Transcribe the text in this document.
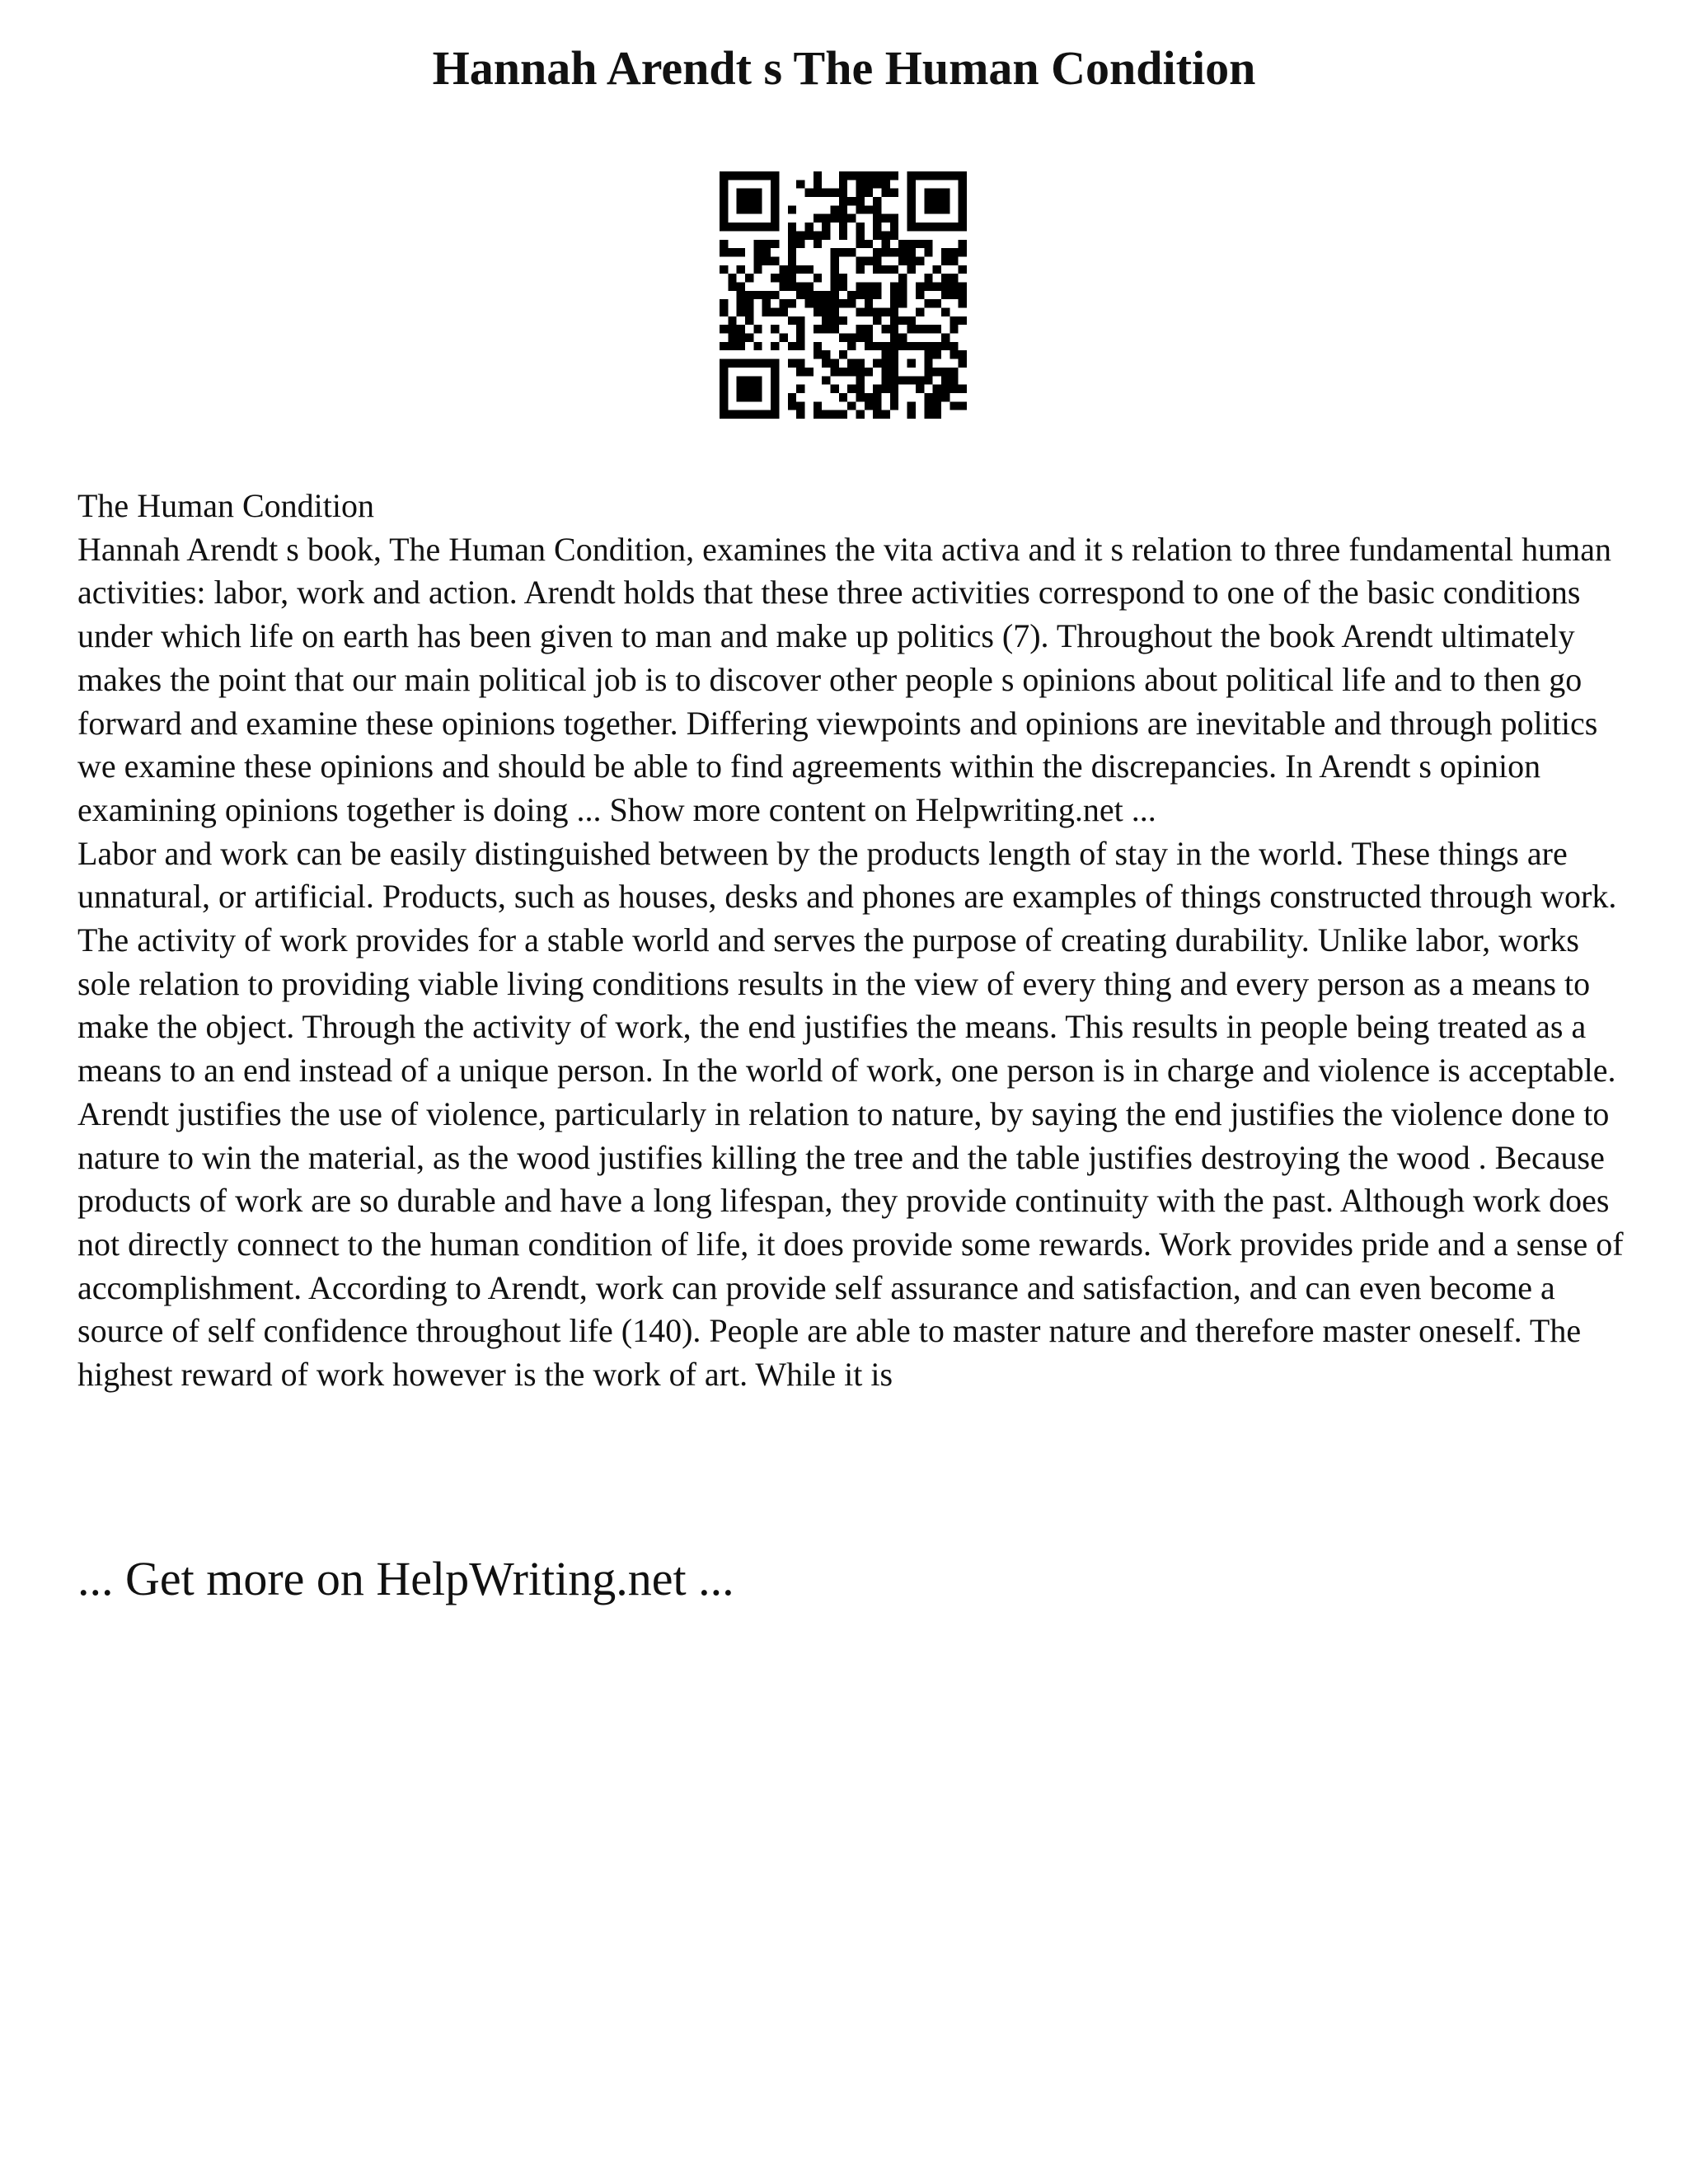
Hannah Arendt s The Human Condition

The Human Condition

Hannah Arendt s book, The Human Condition, examines the vita activa and it s relation to three fundamental human activities: labor, work and action. Arendt holds that these three activities correspond to one of the basic conditions under which life on earth has been given to man and make up politics (7). Throughout the book Arendt ultimately makes the point that our main political job is to discover other people s opinions about political life and to then go forward and examine these opinions together. Differing viewpoints and opinions are inevitable and through politics we examine these opinions and should be able to find agreements within the discrepancies. In Arendt s opinion examining opinions together is doing ... Show more content on Helpwriting.net ...

Labor and work can be easily distinguished between by the products length of stay in the world. These things are unnatural, or artificial. Products, such as houses, desks and phones are examples of things constructed through work. The activity of work provides for a stable world and serves the purpose of creating durability. Unlike labor, works sole relation to providing viable living conditions results in the view of every thing and every person as a means to make the object. Through the activity of work, the end justifies the means. This results in people being treated as a means to an end instead of a unique person. In the world of work, one person is in charge and violence is acceptable. Arendt justifies the use of violence, particularly in relation to nature, by saying the end justifies the violence done to nature to win the material, as the wood justifies killing the tree and the table justifies destroying the wood . Because products of work are so durable and have a long lifespan, they provide continuity with the past. Although work does not directly connect to the human condition of life, it does provide some rewards. Work provides pride and a sense of accomplishment. According to Arendt, work can provide self assurance and satisfaction, and can even become a source of self confidence throughout life (140). People are able to master nature and therefore master oneself. The highest reward of work however is the work of art. While it is

... Get more on HelpWriting.net ...
